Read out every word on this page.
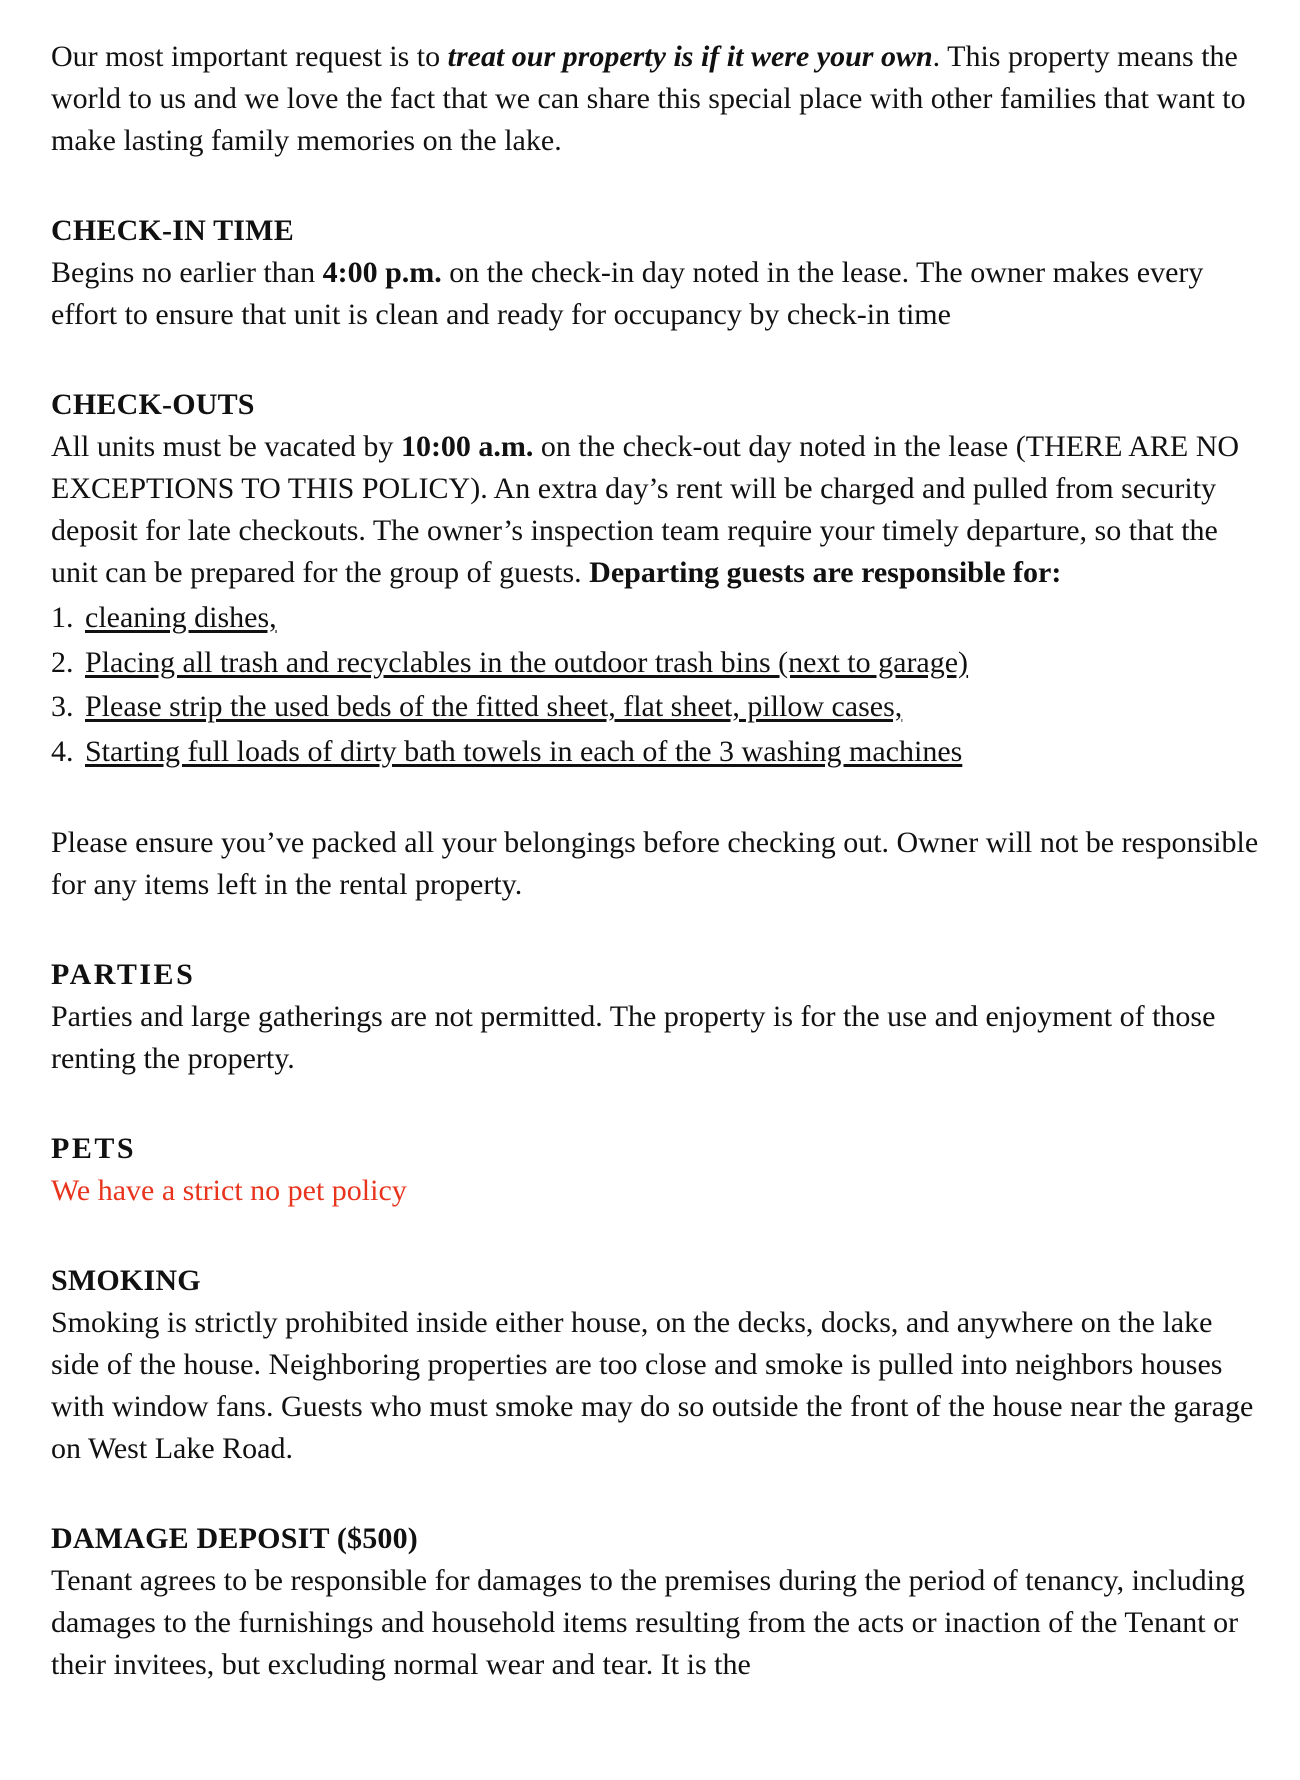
Our most important request is to treat our property is if it were your own. This property means the world to us and we love the fact that we can share this special place with other families that want to make lasting family memories on the lake.

CHECK-IN TIME

Begins no earlier than 4:00 p.m. on the check-in day noted in the lease. The owner makes every effort to ensure that unit is clean and ready for occupancy by check-in time

CHECK-OUTS

All units must be vacated by 10:00 a.m. on the check-out day noted in the lease (THERE ARE NO EXCEPTIONS TO THIS POLICY). An extra day’s rent will be charged and pulled from security deposit for late checkouts. The owner’s inspection team require your timely departure, so that the unit can be prepared for the group of guests. Departing guests are responsible for:

1. cleaning dishes,
2. Placing all trash and recyclables in the outdoor trash bins (next to garage)
3. Please strip the used beds of the fitted sheet, flat sheet, pillow cases,
4. Starting full loads of dirty bath towels in each of the 3 washing machines

Please ensure you’ve packed all your belongings before checking out. Owner will not be responsible for any items left in the rental property.

PARTIES

Parties and large gatherings are not permitted. The property is for the use and enjoyment of those renting the property.

PETS

We have a strict no pet policy

SMOKING

Smoking is strictly prohibited inside either house, on the decks, docks, and anywhere on the lake side of the house. Neighboring properties are too close and smoke is pulled into neighbors houses with window fans. Guests who must smoke may do so outside the front of the house near the garage on West Lake Road.

DAMAGE DEPOSIT ($500)

Tenant agrees to be responsible for damages to the premises during the period of tenancy, including damages to the furnishings and household items resulting from the acts or inaction of the Tenant or their invitees, but excluding normal wear and tear. It is the
